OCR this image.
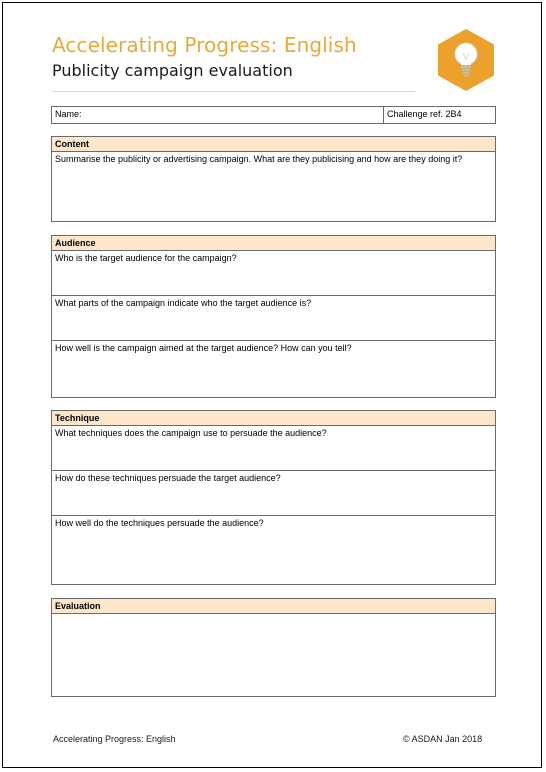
Accelerating Progress: English
Publicity campaign evaluation
Name:	Challenge ref. 2B4
Content
Summarise the publicity or advertising campaign. What are they publicising and how are they doing it?
Audience
Who is the target audience for the campaign?
What parts of the campaign indicate who the target audience is?
How well is the campaign aimed at the target audience? How can you tell?
Technique
What techniques does the campaign use to persuade the audience?
How do these techniques persuade the target audience?
How well do the techniques persuade the audience?
Evaluation

Accelerating Progress: English	© ASDAN Jan 2018
